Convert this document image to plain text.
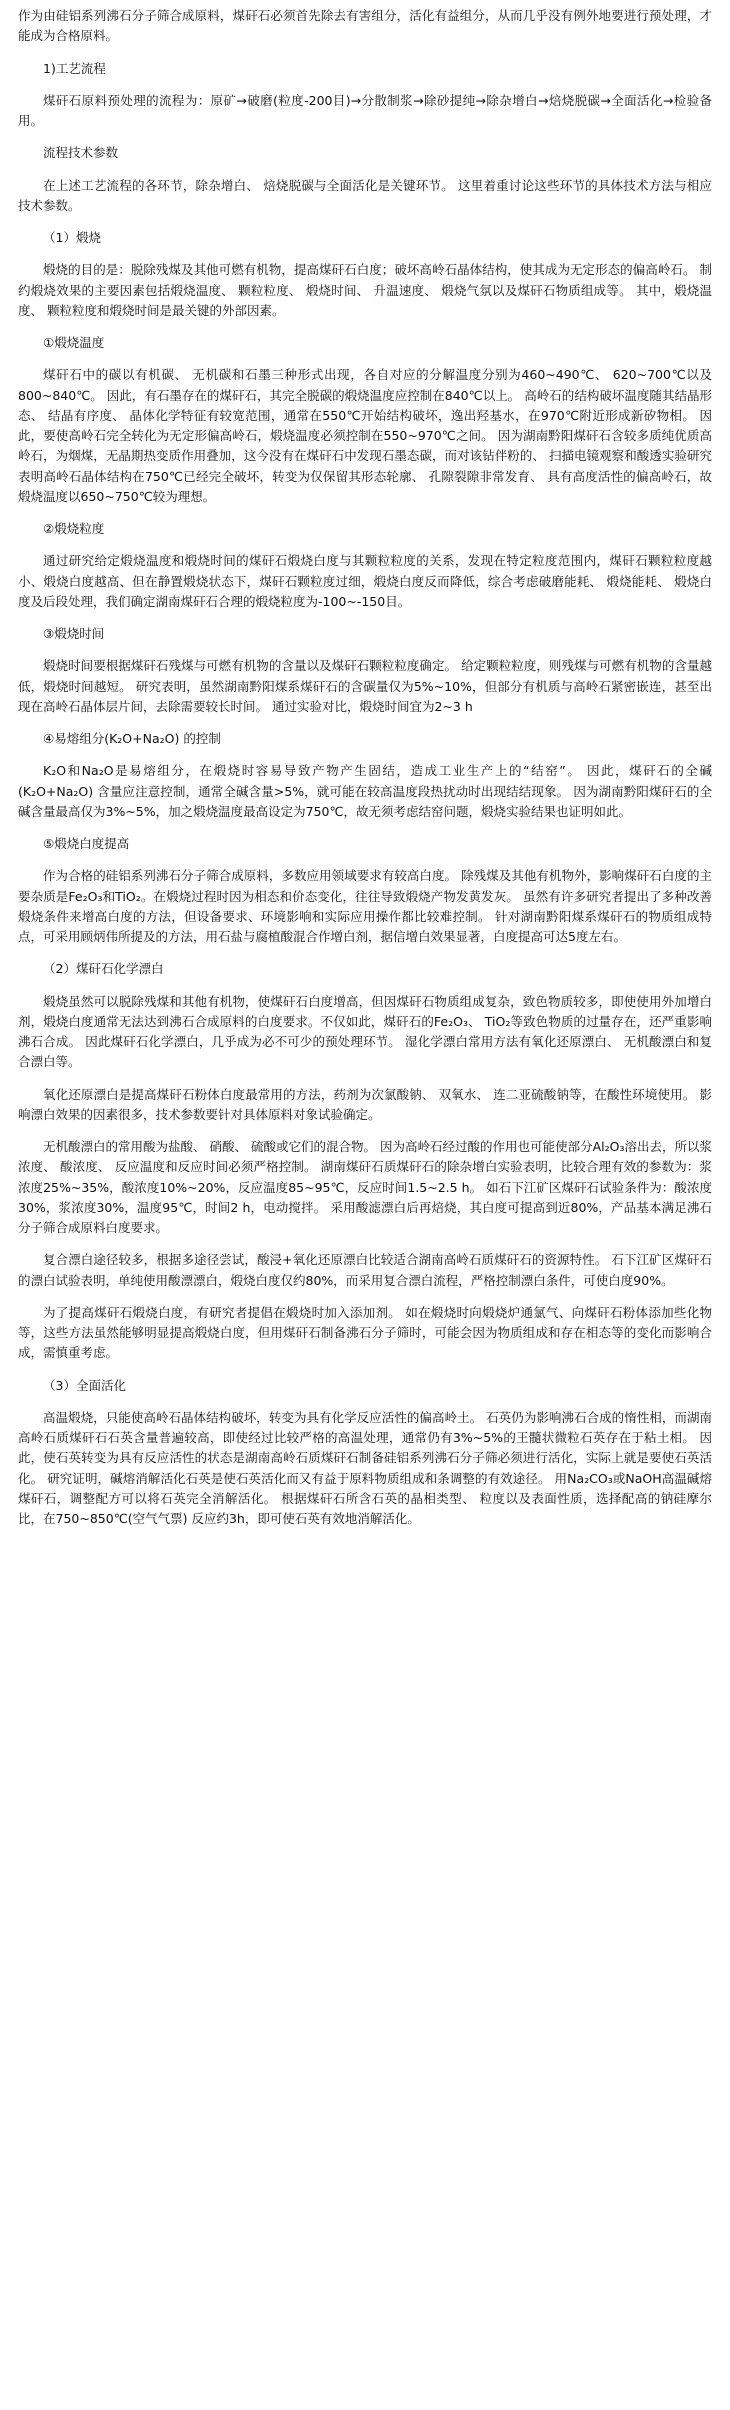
作为由硅铝系列沸石分子筛合成原料，煤矸石必须首先除去有害组分，活化有益组分，从而几乎没有例外地要进行预处理，才能成为合格原料。

1)工艺流程

煤矸石原料预处理的流程为：原矿→破磨(粒度-200目)→分散制浆→除砂提纯→除杂增白→焙烧脱碳→全面活化→检验备用。

流程技术参数

在上述工艺流程的各环节，除杂增白、 焙烧脱碳与全面活化是关键环节。 这里着重讨论这些环节的具体技术方法与相应技术参数。

（1）煅烧

煅烧的目的是：脱除残煤及其他可燃有机物，提高煤矸石白度；破坏高岭石晶体结构，使其成为无定形态的偏高岭石。 制约煅烧效果的主要因素包括煅烧温度、 颗粒粒度、 煅烧时间、 升温速度、 煅烧气氛以及煤矸石物质组成等。 其中，煅烧温度、 颗粒粒度和煅烧时间是最关键的外部因素。

①煅烧温度

煤矸石中的碳以有机碳、 无机碳和石墨三种形式出现，各自对应的分解温度分别为460~490℃、 620~700℃以及800~840℃。 因此，有石墨存在的煤矸石，其完全脱碳的煅烧温度应控制在840℃以上。 高岭石的结构破坏温度随其结晶形态、 结晶有序度、 晶体化学特征有较宽范围，通常在550℃开始结构破坏，逸出羟基水，在970℃附近形成新矽物相。 因此，要使高岭石完全转化为无定形偏高岭石，煅烧温度必须控制在550~970℃之间。 因为湖南黔阳煤矸石含较多质纯优质高岭石，为烟煤，无晶期热变质作用叠加，这今没有在煤矸石中发现石墨态碳，而对该钻伴粉的、 扫描电镜观察和酸透实验研究表明高岭石晶体结构在750℃已经完全破坏，转变为仅保留其形态轮廓、 孔隙裂隙非常发育、 具有高度活性的偏高岭石，故煅烧温度以650~750℃较为理想。

②煅烧粒度

通过研究给定煅烧温度和煅烧时间的煤矸石煅烧白度与其颗粒粒度的关系，发现在特定粒度范围内，煤矸石颗粒粒度越小、煅烧白度越高、但在静置煅烧状态下，煤矸石颗粒度过细，煅烧白度反而降低，综合考虑破磨能耗、 煅烧能耗、 煅烧白度及后段处理，我们确定湖南煤矸石合理的煅烧粒度为-100~-150目。

③煅烧时间

煅烧时间要根据煤矸石残煤与可燃有机物的含量以及煤矸石颗粒粒度确定。 给定颗粒粒度，则残煤与可燃有机物的含量越低，煅烧时间越短。 研究表明，虽然湖南黔阳煤系煤矸石的含碳量仅为5%~10%，但部分有机质与高岭石紧密嵌连，甚至出现在高岭石晶体层片间，去除需要较长时间。 通过实验对比，煅烧时间宜为2~3 h

④易熔组分(K₂O+Na₂O) 的控制

K₂O和Na₂O是易熔组分，在煅烧时容易导致产物产生固结，造成工业生产上的“结窑”。 因此，煤矸石的全碱(K₂O+Na₂O) 含量应注意控制，通常全碱含量>5%，就可能在较高温度段热扰动时出现结结现象。 因为湖南黔阳煤矸石的全碱含量最高仅为3%~5%，加之煅烧温度最高设定为750℃，故无须考虑结窑问题，煅烧实验结果也证明如此。

⑤煅烧白度提高

作为合格的硅铝系列沸石分子筛合成原料，多数应用领域要求有较高白度。 除残煤及其他有机物外，影响煤矸石白度的主要杂质是Fe₂O₃和TiO₂。在煅烧过程时因为相态和价态变化，往往导致煅烧产物发黄发灰。 虽然有许多研究者提出了多种改善煅烧条件来增高白度的方法，但设备要求、环境影响和实际应用操作都比较难控制。 针对湖南黔阳煤系煤矸石的物质组成特点，可采用顾炳伟所提及的方法，用石盐与腐植酸混合作增白剂，据信增白效果显著，白度提高可达5度左右。

（2）煤矸石化学漂白

煅烧虽然可以脱除残煤和其他有机物，使煤矸石白度增高，但因煤矸石物质组成复杂，致色物质较多，即使使用外加增白剂，煅烧白度通常无法达到沸石合成原料的白度要求。不仅如此，煤矸石的Fe₂O₃、 TiO₂等致色物质的过量存在，还严重影响沸石合成。 因此煤矸石化学漂白，几乎成为必不可少的预处理环节。 湿化学漂白常用方法有氧化还原漂白、 无机酸漂白和复合漂白等。

氧化还原漂白是提高煤矸石粉体白度最常用的方法，药剂为次氯酸钠、 双氧水、 连二亚硫酸钠等，在酸性环境使用。 影响漂白效果的因素很多，技术参数要针对具体原料对象试验确定。

无机酸漂白的常用酸为盐酸、 硝酸、 硫酸或它们的混合物。 因为高岭石经过酸的作用也可能使部分Al₂O₃溶出去，所以浆浓度、 酸浓度、 反应温度和反应时间必须严格控制。 湖南煤矸石质煤矸石的除杂增白实验表明，比较合理有效的参数为：浆浓度25%~35%，酸浓度10%~20%，反应温度85~95℃，反应时间1.5~2.5 h。 如石下江矿区煤矸石试验条件为：酸浓度30%，浆浓度30%，温度95℃，时间2 h，电动搅拌。 采用酸滤漂白后再焙烧，其白度可提高到近80%，产品基本满足沸石分子筛合成原料白度要求。

复合漂白途径较多，根据多途径尝试，酸浸+氧化还原漂白比较适合湖南高岭石质煤矸石的资源特性。 石下江矿区煤矸石的漂白试验表明，单纯使用酸漂漂白，煅烧白度仅约80%，而采用复合漂白流程，严格控制漂白条件，可使白度90%。

为了提高煤矸石煅烧白度，有研究者提倡在煅烧时加入添加剂。 如在煅烧时向煅烧炉通氯气、向煤矸石粉体添加些化物等，这些方法虽然能够明显提高煅烧白度，但用煤矸石制备沸石分子筛时，可能会因为物质组成和存在相态等的变化而影响合成，需慎重考虑。

（3）全面活化

高温煅烧，只能使高岭石晶体结构破坏，转变为具有化学反应活性的偏高岭土。 石英仍为影响沸石合成的惰性相，而湖南高岭石质煤矸石石英含量普遍较高，即使经过比较严格的高温处理，通常仍有3%~5%的王髓状微粒石英存在于粘土相。 因此，使石英转变为具有反应活性的状态是湖南高岭石质煤矸石制备硅铝系列沸石分子筛必须进行活化，实际上就是要使石英活化。 研究证明，碱熔消解活化石英是使石英活化而又有益于原料物质组成和条调整的有效途径。 用Na₂CO₃或NaOH高温碱熔煤矸石，调整配方可以将石英完全消解活化。 根据煤矸石所含石英的晶相类型、 粒度以及表面性质，选择配高的钠硅摩尔比，在750~850℃(空气气票) 反应约3h，即可使石英有效地消解活化。
